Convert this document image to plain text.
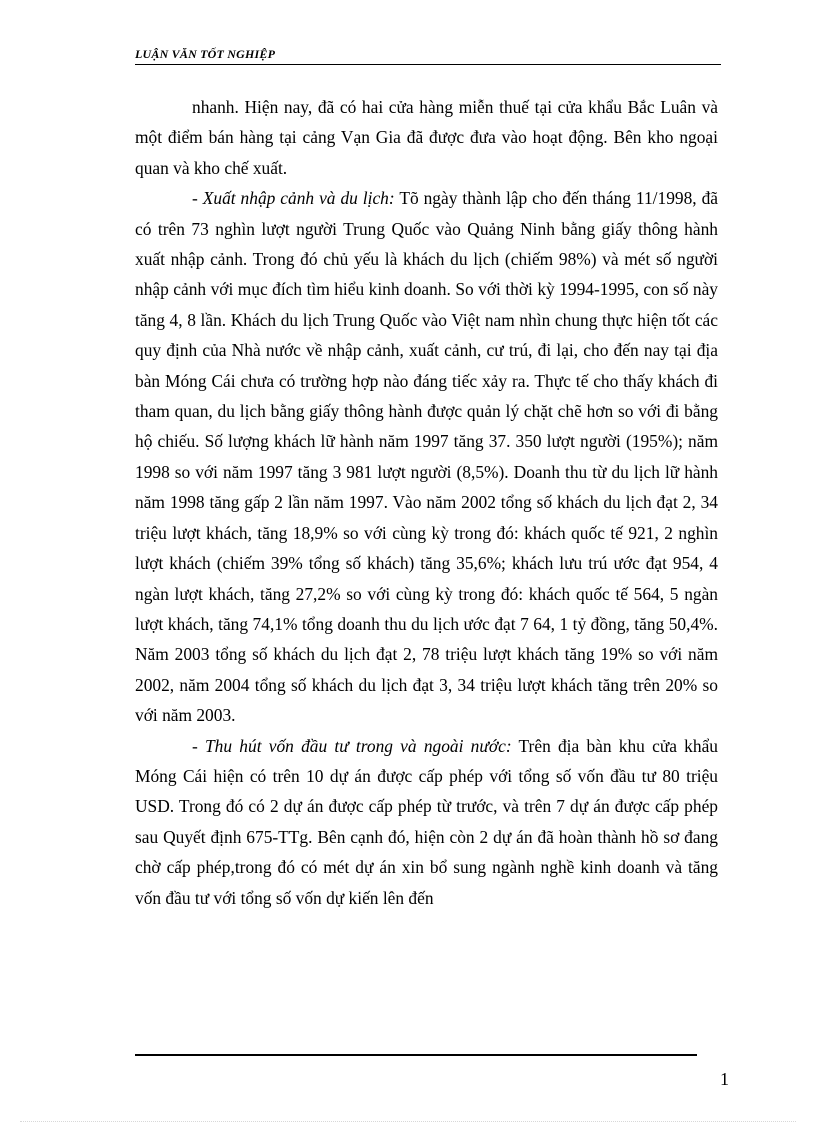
LUẬN VĂN TỐT NGHIỆP

nhanh. Hiện nay, đã có hai cửa hàng miễn thuế tại cửa khẩu Bắc Luân và một điểm bán hàng tại cảng Vạn Gia đã được đưa vào hoạt động. Bên kho ngoại quan và kho chế xuất.

- Xuất nhập cảnh và du lịch: Tõ ngày thành lập cho đến tháng 11/1998, đã có trên 73 nghìn lượt người Trung Quốc vào Quảng Ninh bằng giấy thông hành xuất nhập cảnh. Trong đó chủ yếu là khách du lịch (chiếm 98%) và mét số người nhập cảnh với mục đích tìm hiểu kinh doanh. So với thời kỳ 1994-1995, con số này tăng 4, 8 lần. Khách du lịch Trung Quốc vào Việt nam nhìn chung thực hiện tốt các quy định của Nhà nước về nhập cảnh, xuất cảnh, cư trú, đi lại, cho đến nay tại địa bàn Móng Cái chưa có trường hợp nào đáng tiếc xảy ra. Thực tế cho thấy khách đi tham quan, du lịch bằng giấy thông hành được quản lý chặt chẽ hơn so với đi bằng hộ chiếu. Số lượng khách lữ hành năm 1997 tăng 37. 350 lượt người (195%); năm 1998 so với năm 1997 tăng 3 981 lượt người (8,5%). Doanh thu từ du lịch lữ hành năm 1998 tăng gấp 2 lần năm 1997. Vào năm 2002 tổng số khách du lịch đạt 2, 34 triệu lượt khách, tăng 18,9% so với cùng kỳ trong đó: khách quốc tế 921, 2 nghìn lượt khách (chiếm 39% tổng số khách) tăng 35,6%; khách lưu trú ước đạt 954, 4 ngàn lượt khách, tăng 27,2% so với cùng kỳ trong đó: khách quốc tế 564, 5 ngàn lượt khách, tăng 74,1% tổng doanh thu du lịch ước đạt 7 64, 1 tỷ đồng, tăng 50,4%. Năm 2003 tổng số khách du lịch đạt 2, 78 triệu lượt khách tăng 19% so với năm 2002, năm 2004 tổng số khách du lịch đạt 3, 34 triệu lượt khách tăng trên 20% so với năm 2003.

- Thu hút vốn đầu tư trong và ngoài nước: Trên địa bàn khu cửa khẩu Móng Cái hiện có trên 10 dự án được cấp phép với tổng số vốn đầu tư 80 triệu USD. Trong đó có 2 dự án được cấp phép từ trước, và trên 7 dự án được cấp phép sau Quyết định 675-TTg. Bên cạnh đó, hiện còn 2 dự án đã hoàn thành hồ sơ đang chờ cấp phép,trong đó có mét dự án xin bổ sung ngành nghề kinh doanh và tăng vốn đầu tư với tổng số vốn dự kiến lên đến

1
